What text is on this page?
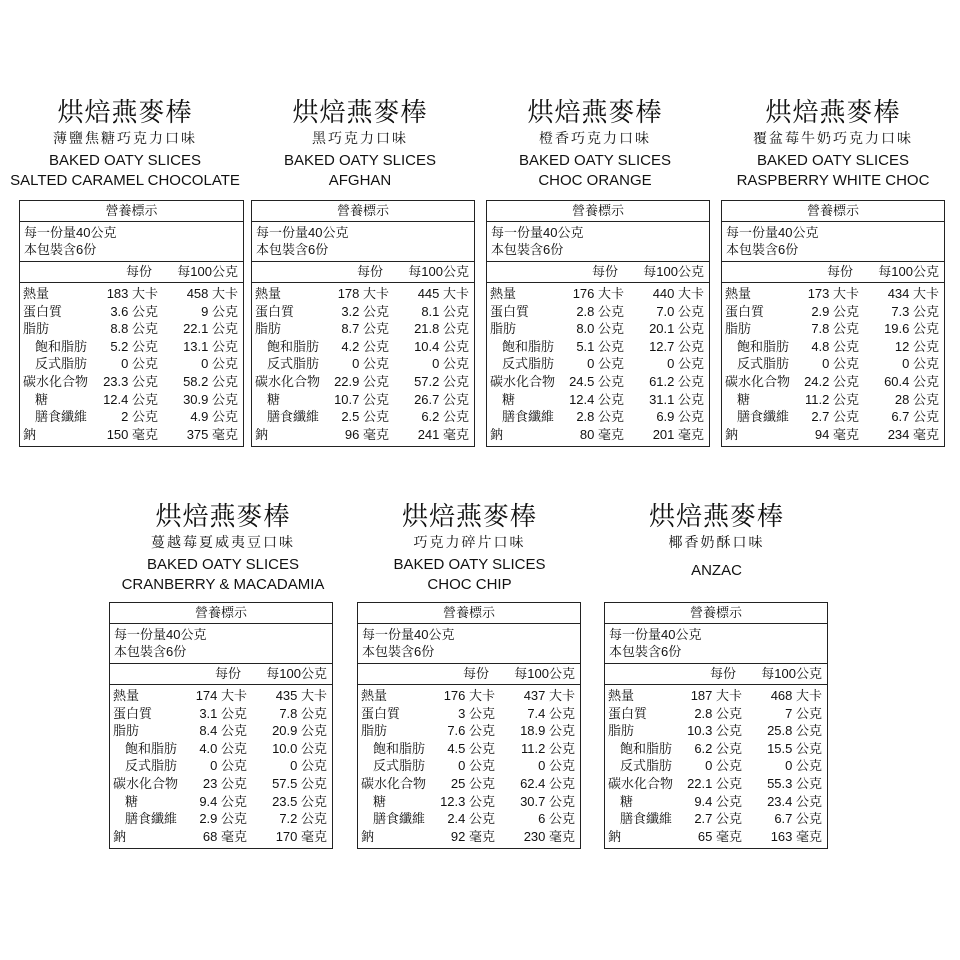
烘焙燕麥棒
薄鹽焦糖巧克力口味
BAKED OATY SLICES
SALTED CARAMEL CHOCOLATE
營養標示
每一份量40公克
本包裝含6份
每份 每100公克
熱量	183 大卡 458 大卡
蛋白質	3.6 公克	9 公克
脂肪	8.8 公克 22.1 公克
飽和脂肪 5.2 公克 13.1 公克
反式脂肪	0 公克	0 公克
碳水化合物 23.3 公克 58.2 公克
糖	12.4 公克 30.9 公克
膳食纖維	2 公克 4.9 公克
鈉	150 毫克 375 毫克
烘焙燕麥棒
黑巧克力口味
BAKED OATY SLICES
AFGHAN
營養標示
每一份量40公克
本包裝含6份
每份 每100公克
熱量	178 大卡 445 大卡
蛋白質	3.2 公克 8.1 公克
脂肪	8.7 公克 21.8 公克
飽和脂肪 4.2 公克 10.4 公克
反式脂肪	0 公克	0 公克
碳水化合物 22.9 公克 57.2 公克
糖	10.7 公克 26.7 公克
膳食纖維 2.5 公克 6.2 公克
鈉	96 毫克 241 毫克
烘焙燕麥棒
橙香巧克力口味
BAKED OATY SLICES
CHOC ORANGE
營養標示
每一份量40公克
本包裝含6份
每份 每100公克
熱量	176 大卡 440 大卡
蛋白質	2.8 公克 7.0 公克
脂肪	8.0 公克 20.1 公克
飽和脂肪 5.1 公克 12.7 公克
反式脂肪	0 公克	0 公克
碳水化合物 24.5 公克 61.2 公克
糖	12.4 公克 31.1 公克
膳食纖維 2.8 公克 6.9 公克
鈉	80 毫克 201 毫克
烘焙燕麥棒
覆盆莓牛奶巧克力口味
BAKED OATY SLICES
RASPBERRY WHITE CHOC
營養標示
每一份量40公克
本包裝含6份
每份 每100公克
熱量	173 大卡 434 大卡
蛋白質	2.9 公克 7.3 公克
脂肪	7.8 公克 19.6 公克
飽和脂肪 4.8 公克	12 公克
反式脂肪	0 公克	0 公克
碳水化合物 24.2 公克 60.4 公克
糖	11.2 公克	28 公克
膳食纖維 2.7 公克 6.7 公克
鈉	94 毫克 234 毫克
烘焙燕麥棒
蔓越莓夏威夷豆口味
BAKED OATY SLICES
CRANBERRY & MACADAMIA
營養標示
每一份量40公克
本包裝含6份
每份 每100公克
熱量	174 大卡 435 大卡
蛋白質	3.1 公克 7.8 公克
脂肪	8.4 公克 20.9 公克
飽和脂肪 4.0 公克 10.0 公克
反式脂肪	0 公克	0 公克
碳水化合物 23 公克 57.5 公克
糖	9.4 公克 23.5 公克
膳食纖維 2.9 公克 7.2 公克
鈉	68 毫克 170 毫克
烘焙燕麥棒
巧克力碎片口味
BAKED OATY SLICES
CHOC CHIP
營養標示
每一份量40公克
本包裝含6份
每份 每100公克
熱量	176 大卡 437 大卡
蛋白質	3 公克 7.4 公克
脂肪	7.6 公克 18.9 公克
飽和脂肪 4.5 公克 11.2 公克
反式脂肪	0 公克	0 公克
碳水化合物 25 公克 62.4 公克
糖	12.3 公克 30.7 公克
膳食纖維 2.4 公克	6 公克
鈉	92 毫克 230 毫克
烘焙燕麥棒
椰香奶酥口味
ANZAC
營養標示
每一份量40公克
本包裝含6份
每份 每100公克
熱量	187 大卡 468 大卡
蛋白質	2.8 公克	7 公克
脂肪	10.3 公克 25.8 公克
飽和脂肪 6.2 公克 15.5 公克
反式脂肪	0 公克	0 公克
碳水化合物 22.1 公克 55.3 公克
糖	9.4 公克 23.4 公克
膳食纖維 2.7 公克 6.7 公克
鈉	65 毫克 163 毫克
